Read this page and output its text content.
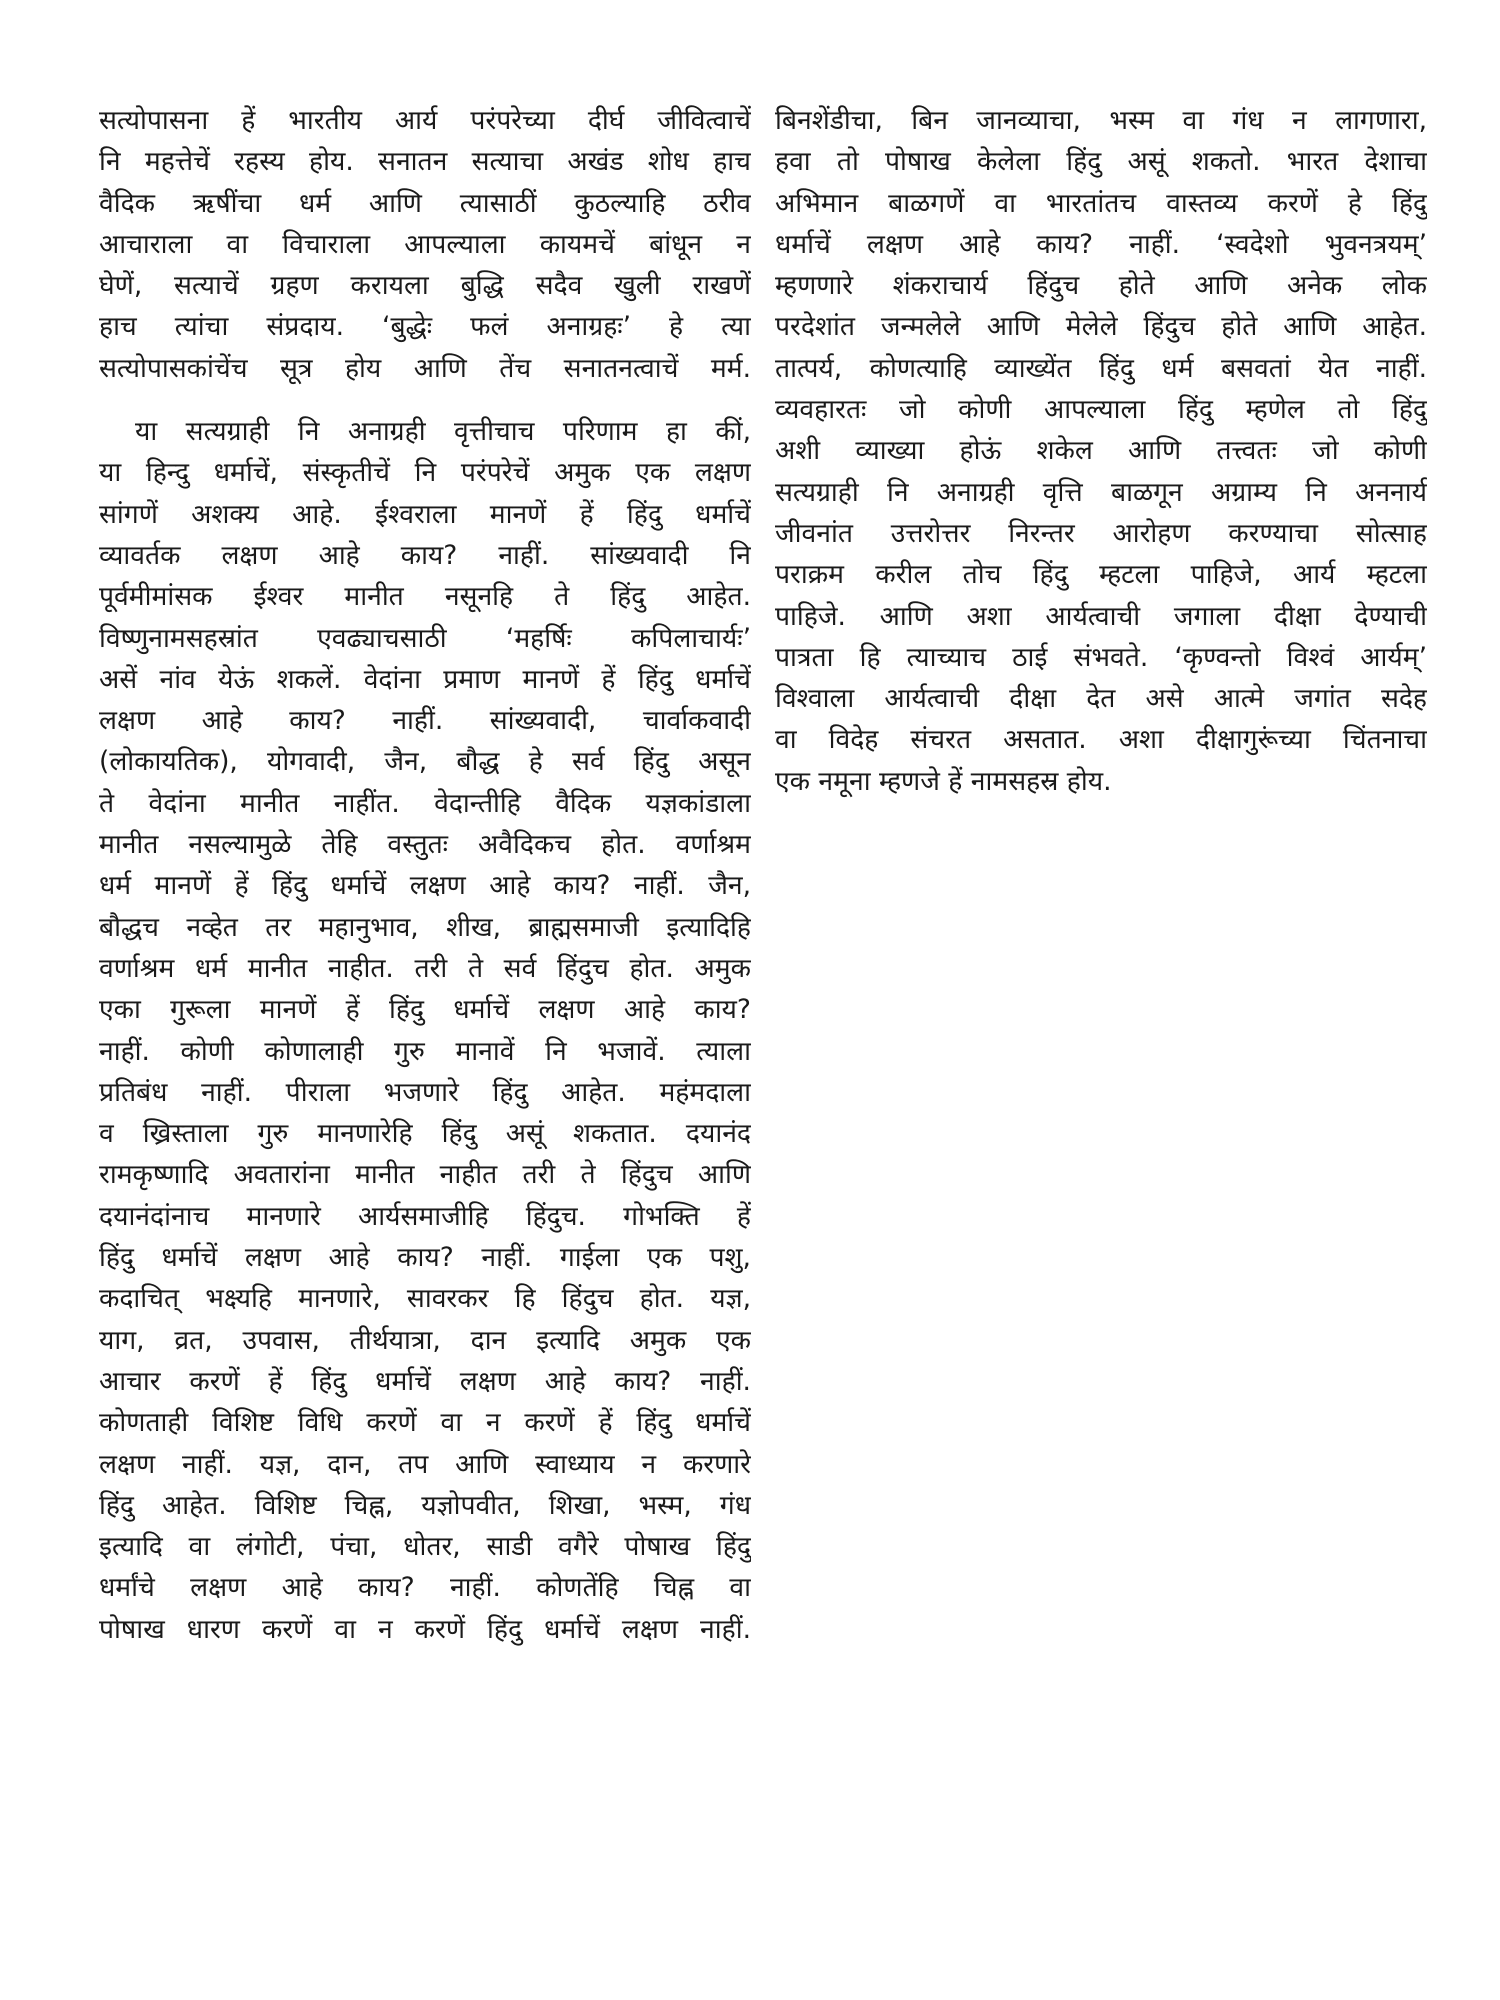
सत्योपासना हें भारतीय आर्य परंपरेच्या दीर्घ जीवित्वाचें
नि महत्तेचें रहस्य होय. सनातन सत्याचा अखंड शोध हाच
वैदिक ऋषींचा धर्म आणि त्यासाठीं कुठल्याहि ठरीव
आचाराला वा विचाराला आपल्याला कायमचें बांधून न
घेणें, सत्याचें ग्रहण करायला बुद्धि सदैव खुली राखणें
हाच त्यांचा संप्रदाय. ‘बुद्धेः फलं अनाग्रहः’ हे त्या
सत्योपासकांचेंच सूत्र होय आणि तेंच सनातनत्वाचें मर्म.
या सत्यग्राही नि अनाग्रही वृत्तीचाच परिणाम हा कीं,
या हिन्दु धर्माचें, संस्कृतीचें नि परंपरेचें अमुक एक लक्षण
सांगणें अशक्य आहे. ईश्वराला मानणें हें हिंदु धर्माचें
व्यावर्तक लक्षण आहे काय? नाहीं. सांख्यवादी नि
पूर्वमीमांसक ईश्वर मानीत नसूनहि ते हिंदु आहेत.
विष्णुनामसहस्रांत एवढ्याचसाठी ‘महर्षिः कपिलाचार्यः’
असें नांव येऊं शकलें. वेदांना प्रमाण मानणें हें हिंदु धर्माचें
लक्षण आहे काय? नाहीं. सांख्यवादी, चार्वाकवादी
(लोकायतिक), योगवादी, जैन, बौद्ध हे सर्व हिंदु असून
ते वेदांना मानीत नाहींत. वेदान्तीहि वैदिक यज्ञकांडाला
मानीत नसल्यामुळे तेहि वस्तुतः अवैदिकच होत. वर्णाश्रम
धर्म मानणें हें हिंदु धर्माचें लक्षण आहे काय? नाहीं. जैन,
बौद्धच नव्हेत तर महानुभाव, शीख, ब्राह्मसमाजी इत्यादिहि
वर्णाश्रम धर्म मानीत नाहीत. तरी ते सर्व हिंदुच होत. अमुक
एका गुरूला मानणें हें हिंदु धर्माचें लक्षण आहे काय?
नाहीं. कोणी कोणालाही गुरु मानावें नि भजावें. त्याला
प्रतिबंध नाहीं. पीराला भजणारे हिंदु आहेत. महंमदाला
व ख्रिस्ताला गुरु मानणारेहि हिंदु असूं शकतात. दयानंद
रामकृष्णादि अवतारांना मानीत नाहीत तरी ते हिंदुच आणि
दयानंदांनाच मानणारे आर्यसमाजीहि हिंदुच. गोभक्ति हें
हिंदु धर्माचें लक्षण आहे काय? नाहीं. गाईला एक पशु,
कदाचित् भक्ष्यहि मानणारे, सावरकर हि हिंदुच होत. यज्ञ,
याग, व्रत, उपवास, तीर्थयात्रा, दान इत्यादि अमुक एक
आचार करणें हें हिंदु धर्माचें लक्षण आहे काय? नाहीं.
कोणताही विशिष्ट विधि करणें वा न करणें हें हिंदु धर्माचें
लक्षण नाहीं. यज्ञ, दान, तप आणि स्वाध्याय न करणारे
हिंदु आहेत. विशिष्ट चिह्न, यज्ञोपवीत, शिखा, भस्म, गंध
इत्यादि वा लंगोटी, पंचा, धोतर, साडी वगैरे पोषाख हिंदु
धर्मांचे लक्षण आहे काय? नाहीं. कोणतेंहि चिह्न वा
पोषाख धारण करणें वा न करणें हिंदु धर्माचें लक्षण नाहीं.
बिनशेंडीचा, बिन जानव्याचा, भस्म वा गंध न लागणारा,
हवा तो पोषाख केलेला हिंदु असूं शकतो. भारत देशाचा
अभिमान बाळगणें वा भारतांतच वास्तव्य करणें हे हिंदु
धर्माचें लक्षण आहे काय? नाहीं. ‘स्वदेशो भुवनत्रयम्’
म्हणणारे शंकराचार्य हिंदुच होते आणि अनेक लोक
परदेशांत जन्मलेले आणि मेलेले हिंदुच होते आणि आहेत.
तात्पर्य, कोणत्याहि व्याख्येंत हिंदु धर्म बसवतां येत नाहीं.
व्यवहारतः जो कोणी आपल्याला हिंदु म्हणेल तो हिंदु
अशी व्याख्या होऊं शकेल आणि तत्त्वतः जो कोणी
सत्यग्राही नि अनाग्रही वृत्ति बाळगून अग्राम्य नि अननार्य
जीवनांत उत्तरोत्तर निरन्तर आरोहण करण्याचा सोत्साह
पराक्रम करील तोच हिंदु म्हटला पाहिजे, आर्य म्हटला
पाहिजे. आणि अशा आर्यत्वाची जगाला दीक्षा देण्याची
पात्रता हि त्याच्याच ठाई संभवते. ‘कृण्वन्तो विश्वं आर्यम्’
विश्वाला आर्यत्वाची दीक्षा देत असे आत्मे जगांत सदेह
वा विदेह संचरत असतात. अशा दीक्षागुरूंच्या चिंतनाचा
एक नमूना म्हणजे हें नामसहस्र होय.
